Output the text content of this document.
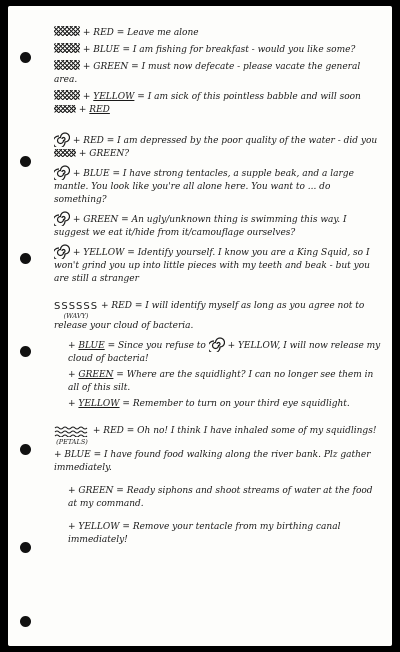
+ RED = Leave me alone
+ BLUE = I am fishing for breakfast - would you like some?
+ GREEN = I must now defecate - please vacate the general area.
+ YELLOW = I am sick of this pointless babble and will soon  + RED
+ RED = I am depressed by the poor quality of the water - did you  + GREEN?
+ BLUE = I have strong tentacles, a supple beak, and a large mantle. You look like you're all alone here. You want to ... do something?
+ GREEN = An ugly/unknown thing is swimming this way. I suggest we eat it/hide from it/camouflage ourselves?
+ YELLOW = Identify yourself. I know you are a King Squid, so I won't grind you up into little pieces with my teeth and beak - but you are still a stranger
SSSSSS
(WAVY)
+ RED = I will identify myself as long as you agree not to release your cloud of bacteria.
+ BLUE = Since you refuse to + YELLOW, I will now release my cloud of bacteria!
+ GREEN = Where are the squidlight? I can no longer see them in all of this silt.
+ YELLOW = Remember to turn on your third eye squidlight.
(PETALS)
+ RED = Oh no! I think I have inhaled some of my squidlings!
+ BLUE = I have found food walking along the river bank. Plz gather immediately.
+ GREEN = Ready siphons and shoot streams of water at the food at my command.
+ YELLOW = Remove your tentacle from my birthing canal immediately!
